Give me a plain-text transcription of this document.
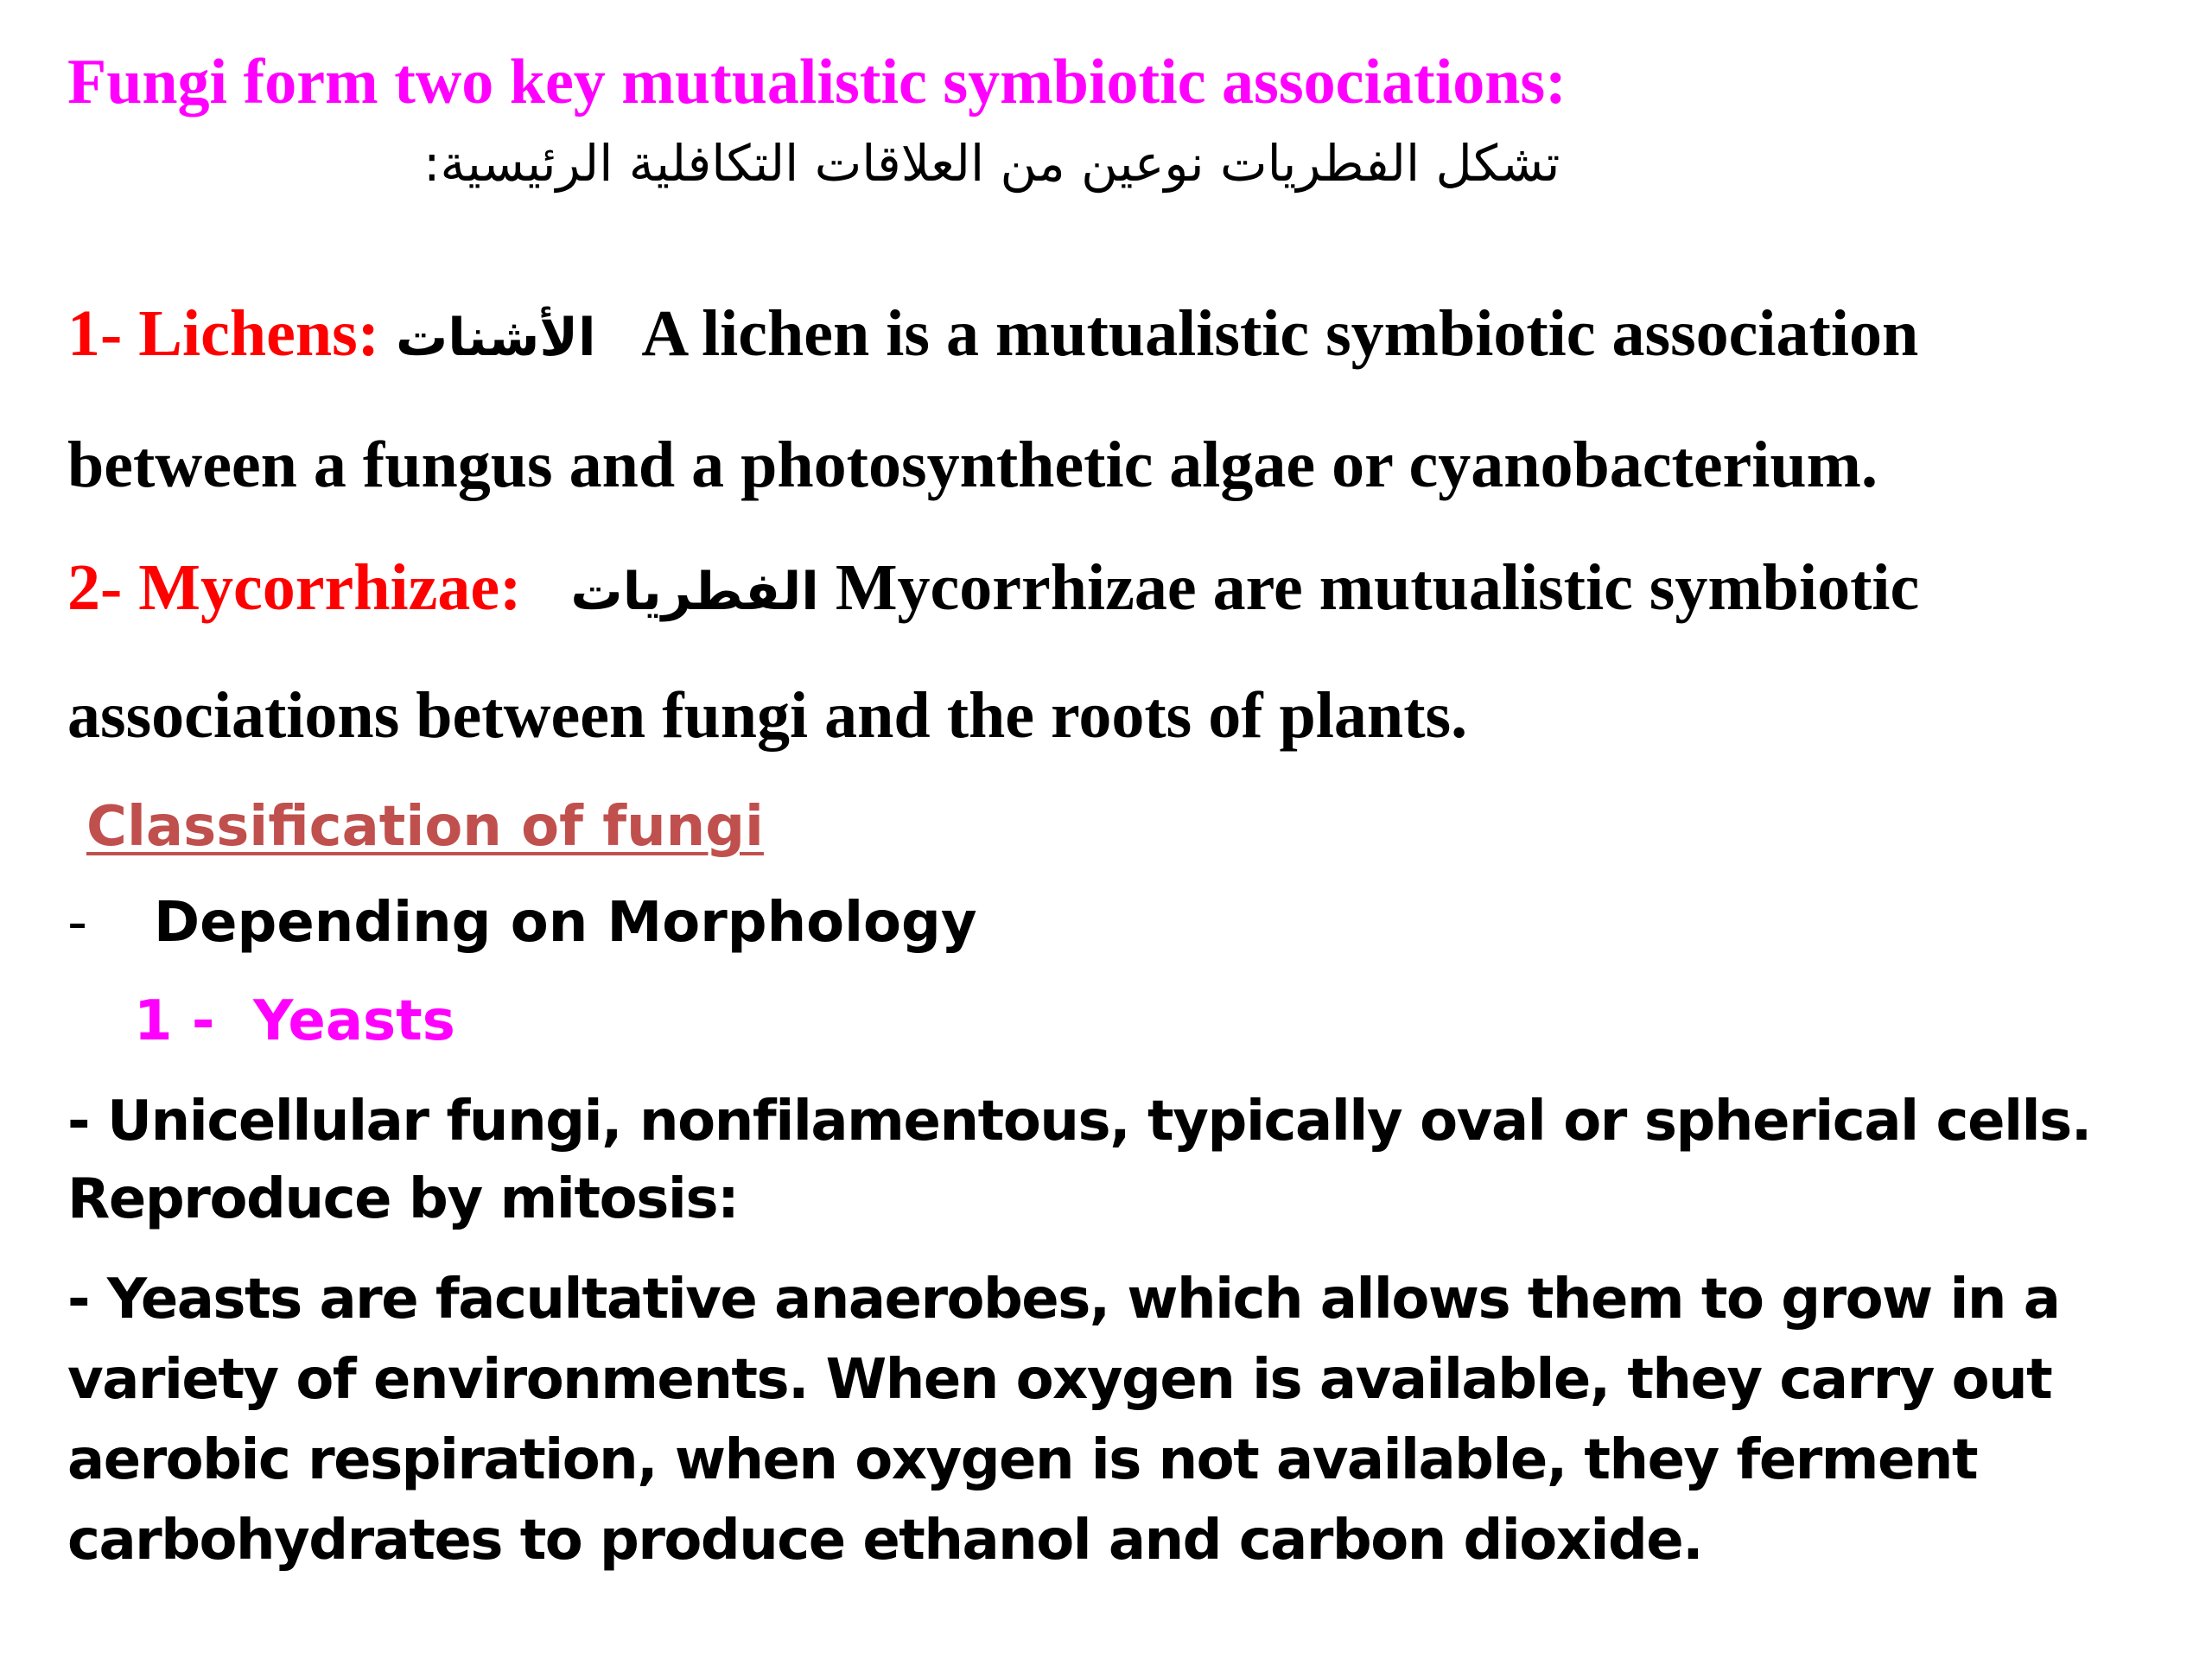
Fungi form two key mutualistic symbiotic associations:
تشكل الفطريات نوعين من العلاقات التكافلية الرئيسية:
1- Lichens: الأشنات A lichen is a mutualistic symbiotic association
between a fungus and a photosynthetic algae or cyanobacterium.
2- Mycorrhizae: الفطريات Mycorrhizae are mutualistic symbiotic
associations between fungi and the roots of plants.
Classification of fungi
- Depending on Morphology
1 -  Yeasts
- Unicellular fungi, nonfilamentous, typically oval or spherical cells.
Reproduce by mitosis:
- Yeasts are facultative anaerobes, which allows them to grow in a
variety of environments. When oxygen is available, they carry out
aerobic respiration, when oxygen is not available, they ferment
carbohydrates to produce ethanol and carbon dioxide.
